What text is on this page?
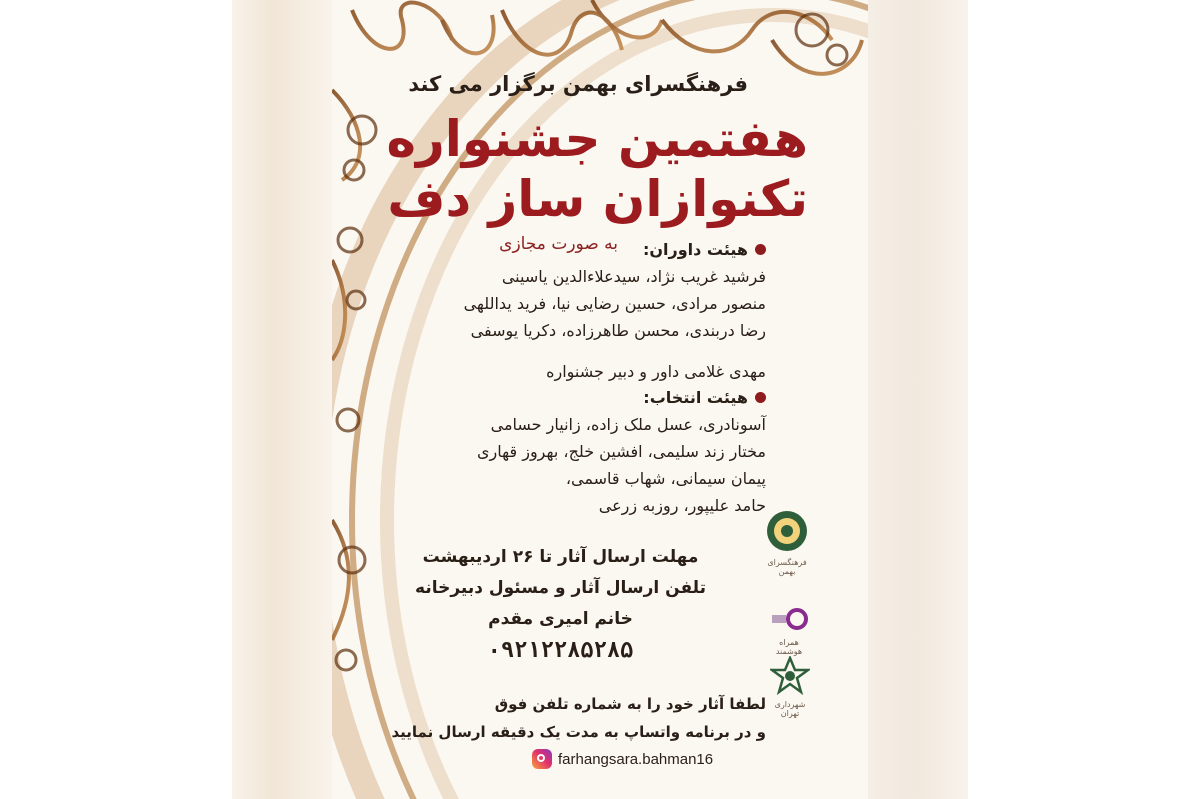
فرهنگسرای بهمن برگزار می کند
هفتمین جشنواره
تکنوازان ساز دف
به صورت مجازی	هیئت داوران:
فرشید غریب نژاد، سیدعلاءالدین یاسینی
منصور مرادی، حسین رضایی نیا، فرید یداللهی
رضا دربندی، محسن طاهرزاده، دکریا یوسفی
مهدی غلامی داور و دبیر جشنواره
هیئت انتخاب:
آسونادری، عسل ملک زاده، زانیار حسامی
مختار زند سلیمی، افشین خلج، بهروز قهاری
پیمان سیمانی، شهاب قاسمی،
حامد علیپور، روزبه زرعی
مهلت ارسال آثار تا ۲۶ اردیبهشت
تلفن ارسال آثار و مسئول دبیرخانه
خانم امیری مقدم
۰۹۲۱۲۲۸۵۲۸۵
لطفا آثار خود را به شماره تلفن فوق
و در برنامه واتساپ به مدت یک دقیقه ارسال نمایید
farhangsara.bahman16
فرهنگسرای بهمن
همراه هوشمند
شهرداری تهران
